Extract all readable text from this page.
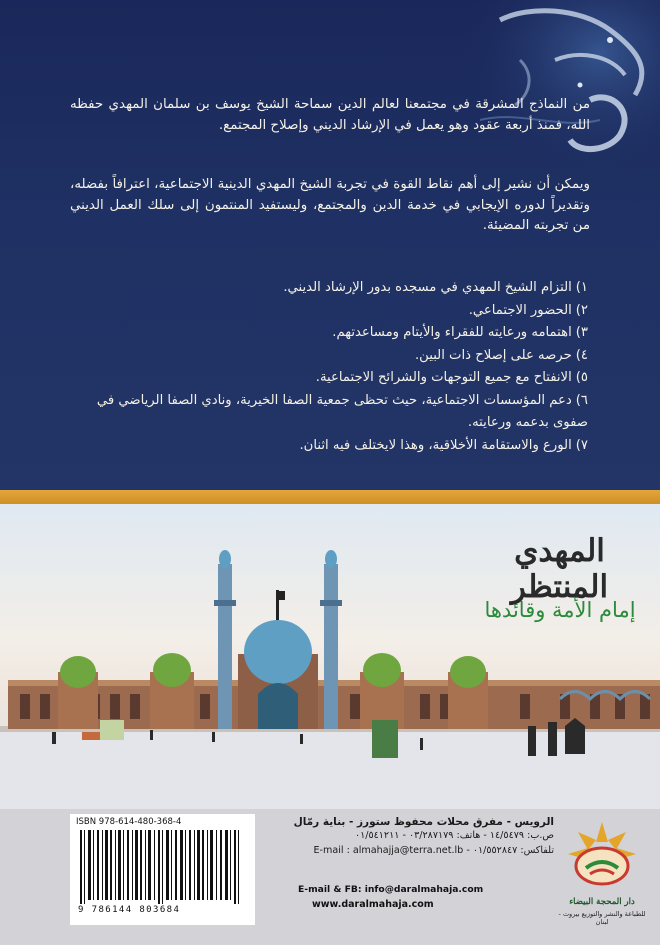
من النماذج المشرقة في مجتمعنا لعالم الدين سماحة الشيخ يوسف بن سلمان المهدي حفظه الله، فمنذ أربعة عقود وهو يعمل في الإرشاد الديني وإصلاح المجتمع.
ويمكن أن نشير إلى أهم نقاط القوة في تجربة الشيخ المهدي الدينية الاجتماعية، اعترافاً بفضله، وتقديراً لدوره الإيجابي في خدمة الدين والمجتمع، وليستفيد المنتمون إلى سلك العمل الديني من تجربته المضيئة.
١)التزام الشيخ المهدي في مسجده بدور الإرشاد الديني.
٢)الحضور الاجتماعي.
٣)اهتمامه ورعايته للفقراء والأيتام ومساعدتهم.
٤)حرصه على إصلاح ذات البين.
٥)الانفتاح مع جميع التوجهات والشرائح الاجتماعية.
٦)دعم المؤسسات الاجتماعية، حيث تحظى جمعية الصفا الخيرية، ونادي الصفا الرياضي في صفوى بدعمه ورعايته.
٧)الورع والاستقامة الأخلاقية، وهذا لايختلف فيه اثنان.
المهدي المنتظر
إمام الأمة وقائدها
ISBN 978-614-480-368-4
9 786144 803684
الرويس - مفرق محلات محفوظ ستورز - بناية رمّال
ص.ب: ١٤/٥٤٧٩ - هاتف: ٠٣/٢٨٧١٧٩ - ٠١/٥٤١٢١١
تلفاكس: ٠١/٥٥٢٨٤٧ - E-mail : almahajja@terra.net.lb
E-mail & FB: info@daralmahaja.com
www.daralmahaja.com	دار المحجة البيضاء
للطباعة والنشر والتوزيع بيروت - لبنان
